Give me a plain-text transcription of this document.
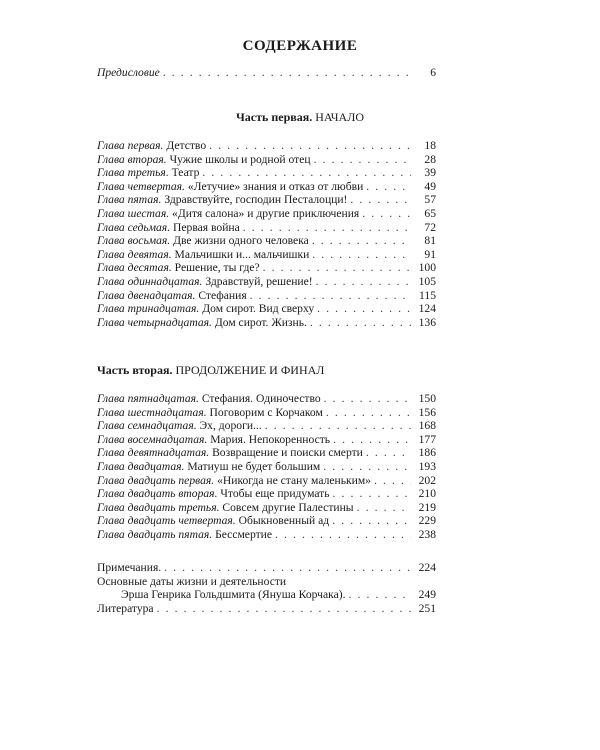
СОДЕРЖАНИЕ
Предисловие . . .	6
Часть первая. НАЧАЛО
Глава первая. Детство . . .	18
Глава вторая. Чужие школы и родной отец . . .	28
Глава третья. Театр . . .	39
Глава четвертая. «Летучие» знания и отказ от любви . . .	49
Глава пятая. Здравствуйте, господин Песталоцци! . . .	57
Глава шестая. «Дитя салона» и другие приключения . . .	65
Глава седьмая. Первая война . . .	72
Глава восьмая. Две жизни одного человека . . .	81
Глава девятая. Мальчишки и... мальчишки . . .	91
Глава десятая. Решение, ты где? . . .	100
Глава одиннадцатая. Здравствуй, решение! . . .	105
Глава двенадцатая. Стефания . . .	115
Глава тринадцатая. Дом сирот. Вид сверху . . .	124
Глава четырнадцатая. Дом сирот. Жизнь. . . .	136
Часть вторая. ПРОДОЛЖЕНИЕ И ФИНАЛ
Глава пятнадцатая. Стефания. Одиночество . . .	150
Глава шестнадцатая. Поговорим с Корчаком . . .	156
Глава семнадцатая. Эх, дороги... . . .	168
Глава восемнадцатая. Мария. Непокоренность . . .	177
Глава девятнадцатая. Возвращение и поиски смерти . . .	186
Глава двадцатая. Матиуш не будет большим . . .	193
Глава двадцать первая. «Никогда не стану маленьким» . . .	202
Глава двадцать вторая. Чтобы еще придумать . . .	210
Глава двадцать третья. Совсем другие Палестины . . .	219
Глава двадцать четвертая. Обыкновенный ад . . .	229
Глава двадцать пятая. Бессмертие . . .	238
Примечания. . . .	224
Основные даты жизни и деятельности
Эрша Генрика Гольдшмита (Януша Корчака). . . .	249
Литература . . .	251
